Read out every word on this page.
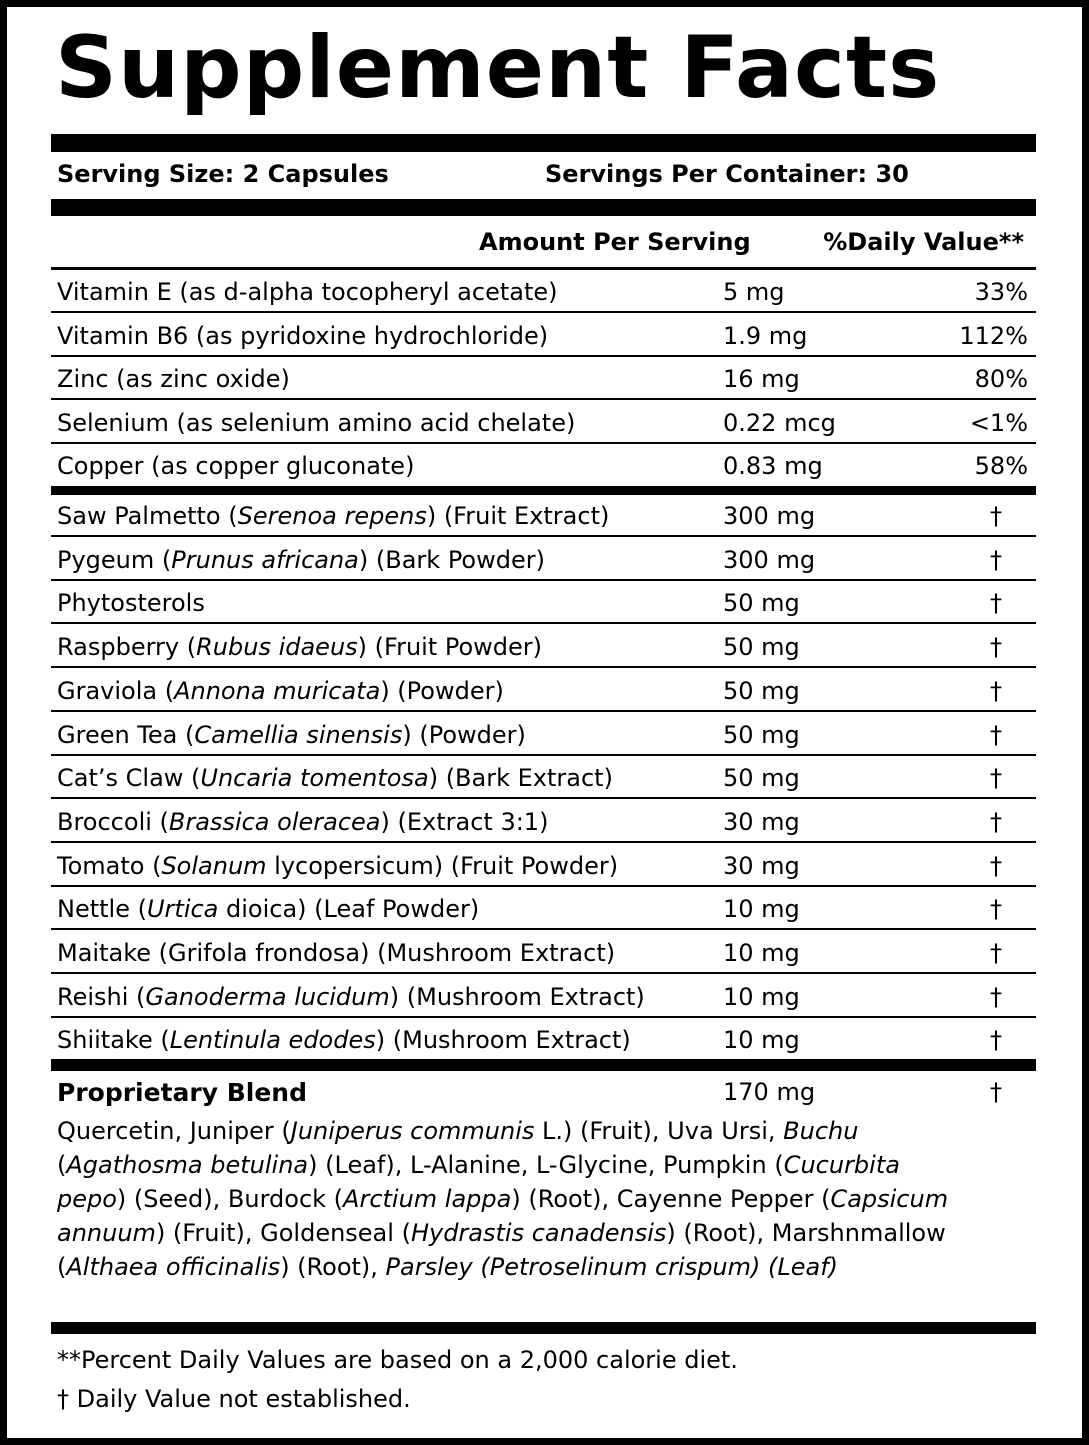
Supplement Facts
Serving Size: 2 Capsules	Servings Per Container: 30
Amount Per Serving	%Daily Value**
Vitamin E (as d-alpha tocopheryl acetate)	5 mg	33%
Vitamin B6 (as pyridoxine hydrochloride)	1.9 mg	112%
Zinc (as zinc oxide)	16 mg	80%
Selenium (as selenium amino acid chelate)	0.22 mcg	<1%
Copper (as copper gluconate)	0.83 mg	58%
Saw Palmetto (Serenoa repens) (Fruit Extract)	300 mg	†
Pygeum (Prunus africana) (Bark Powder)	300 mg	†
Phytosterols	50 mg	†
Raspberry (Rubus idaeus) (Fruit Powder)	50 mg	†
Graviola (Annona muricata) (Powder)	50 mg	†
Green Tea (Camellia sinensis) (Powder)	50 mg	†
Cat’s Claw (Uncaria tomentosa) (Bark Extract)	50 mg	†
Broccoli (Brassica oleracea) (Extract 3:1)	30 mg	†
Tomato (Solanum lycopersicum) (Fruit Powder)	30 mg	†
Nettle (Urtica dioica) (Leaf Powder)	10 mg	†
Maitake (Grifola frondosa) (Mushroom Extract)	10 mg	†
Reishi (Ganoderma lucidum) (Mushroom Extract)	10 mg	†
Shiitake (Lentinula edodes) (Mushroom Extract)	10 mg	†
Proprietary Blend	170 mg	†
Quercetin, Juniper (Juniperus communis L.) (Fruit), Uva Ursi, Buchu (Agathosma betulina) (Leaf), L-Alanine, L-Glycine, Pumpkin (Cucurbita pepo) (Seed), Burdock (Arctium lappa) (Root), Cayenne Pepper (Capsicum annuum) (Fruit), Goldenseal (Hydrastis canadensis) (Root), Marshnmallow (Althaea officinalis) (Root), Parsley (Petroselinum crispum) (Leaf)
**Percent Daily Values are based on a 2,000 calorie diet.
† Daily Value not established.
